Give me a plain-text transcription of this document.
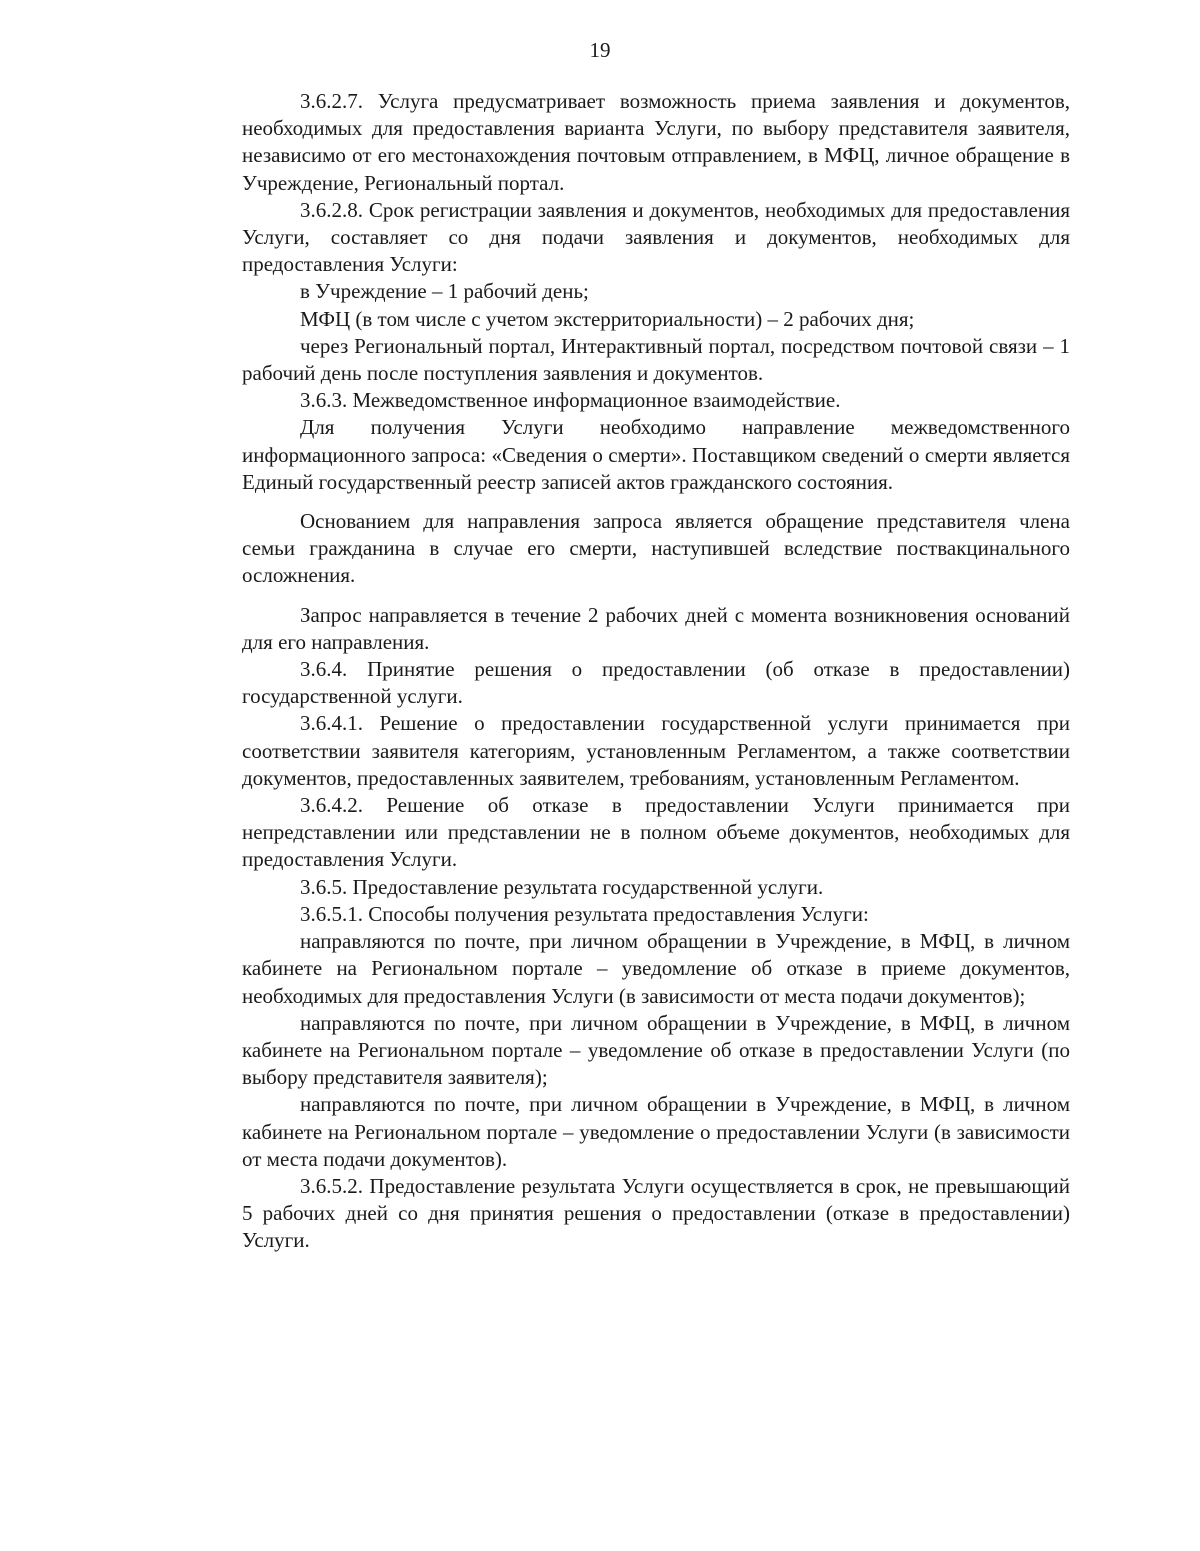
19

3.6.2.7. Услуга предусматривает возможность приема заявления и документов, необходимых для предоставления варианта Услуги, по выбору представителя заявителя, независимо от его местонахождения почтовым отправлением, в МФЦ, личное обращение в Учреждение, Региональный портал.

3.6.2.8. Срок регистрации заявления и документов, необходимых для предоставления Услуги, составляет со дня подачи заявления и документов, необходимых для предоставления Услуги:

в Учреждение – 1 рабочий день;

МФЦ (в том числе с учетом экстерриториальности) – 2 рабочих дня;

через Региональный портал, Интерактивный портал, посредством почтовой связи – 1 рабочий день после поступления заявления и документов.

3.6.3. Межведомственное информационное взаимодействие.

Для получения Услуги необходимо направление межведомственного информационного запроса: «Сведения о смерти». Поставщиком сведений о смерти является Единый государственный реестр записей актов гражданского состояния.

Основанием для направления запроса является обращение представителя члена семьи гражданина в случае его смерти, наступившей вследствие поствакцинального осложнения.

Запрос направляется в течение 2 рабочих дней с момента возникновения оснований для его направления.

3.6.4. Принятие решения о предоставлении (об отказе в предоставлении) государственной услуги.

3.6.4.1. Решение о предоставлении государственной услуги принимается при соответствии заявителя категориям, установленным Регламентом, а также соответствии документов, предоставленных заявителем, требованиям, установленным Регламентом.

3.6.4.2. Решение об отказе в предоставлении Услуги принимается при непредставлении или представлении не в полном объеме документов, необходимых для предоставления Услуги.

3.6.5. Предоставление результата государственной услуги.

3.6.5.1. Способы получения результата предоставления Услуги:

направляются по почте, при личном обращении в Учреждение, в МФЦ, в личном кабинете на Региональном портале – уведомление об отказе в приеме документов, необходимых для предоставления Услуги (в зависимости от места подачи документов);

направляются по почте, при личном обращении в Учреждение, в МФЦ, в личном кабинете на Региональном портале – уведомление об отказе в предоставлении Услуги (по выбору представителя заявителя);

направляются по почте, при личном обращении в Учреждение, в МФЦ, в личном кабинете на Региональном портале – уведомление о предоставлении Услуги (в зависимости от места подачи документов).

3.6.5.2. Предоставление результата Услуги осуществляется в срок, не превышающий 5 рабочих дней со дня принятия решения о предоставлении (отказе в предоставлении) Услуги.
